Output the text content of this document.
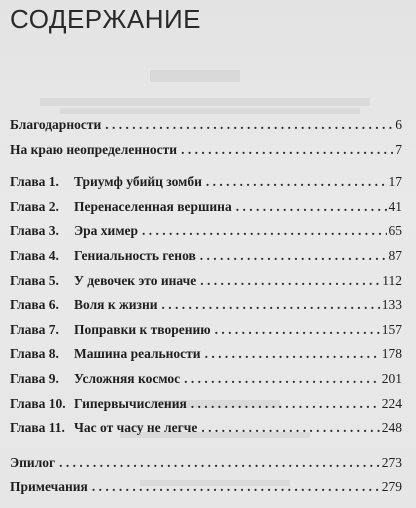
СОДЕРЖАНИЕ
Благодарности . . .	6
На краю неопределенности . . .	7
Глава 1.	Триумф убийц зомби . . .	17
Глава 2.	Перенаселенная вершина . . .	41
Глава 3.	Эра химер . . .	65
Глава 4.	Гениальность генов . . .	87
Глава 5.	У девочек это иначе . . .	112
Глава 6.	Воля к жизни . . .	133
Глава 7.	Поправки к творению . . .	157
Глава 8.	Машина реальности . . .	178
Глава 9.	Усложняя космос . . .	201
Глава 10. Гипервычисления . . .	224
Глава 11. Час от часу не легче . . .	248
Эпилог . . .	273
Примечания . . .	279
